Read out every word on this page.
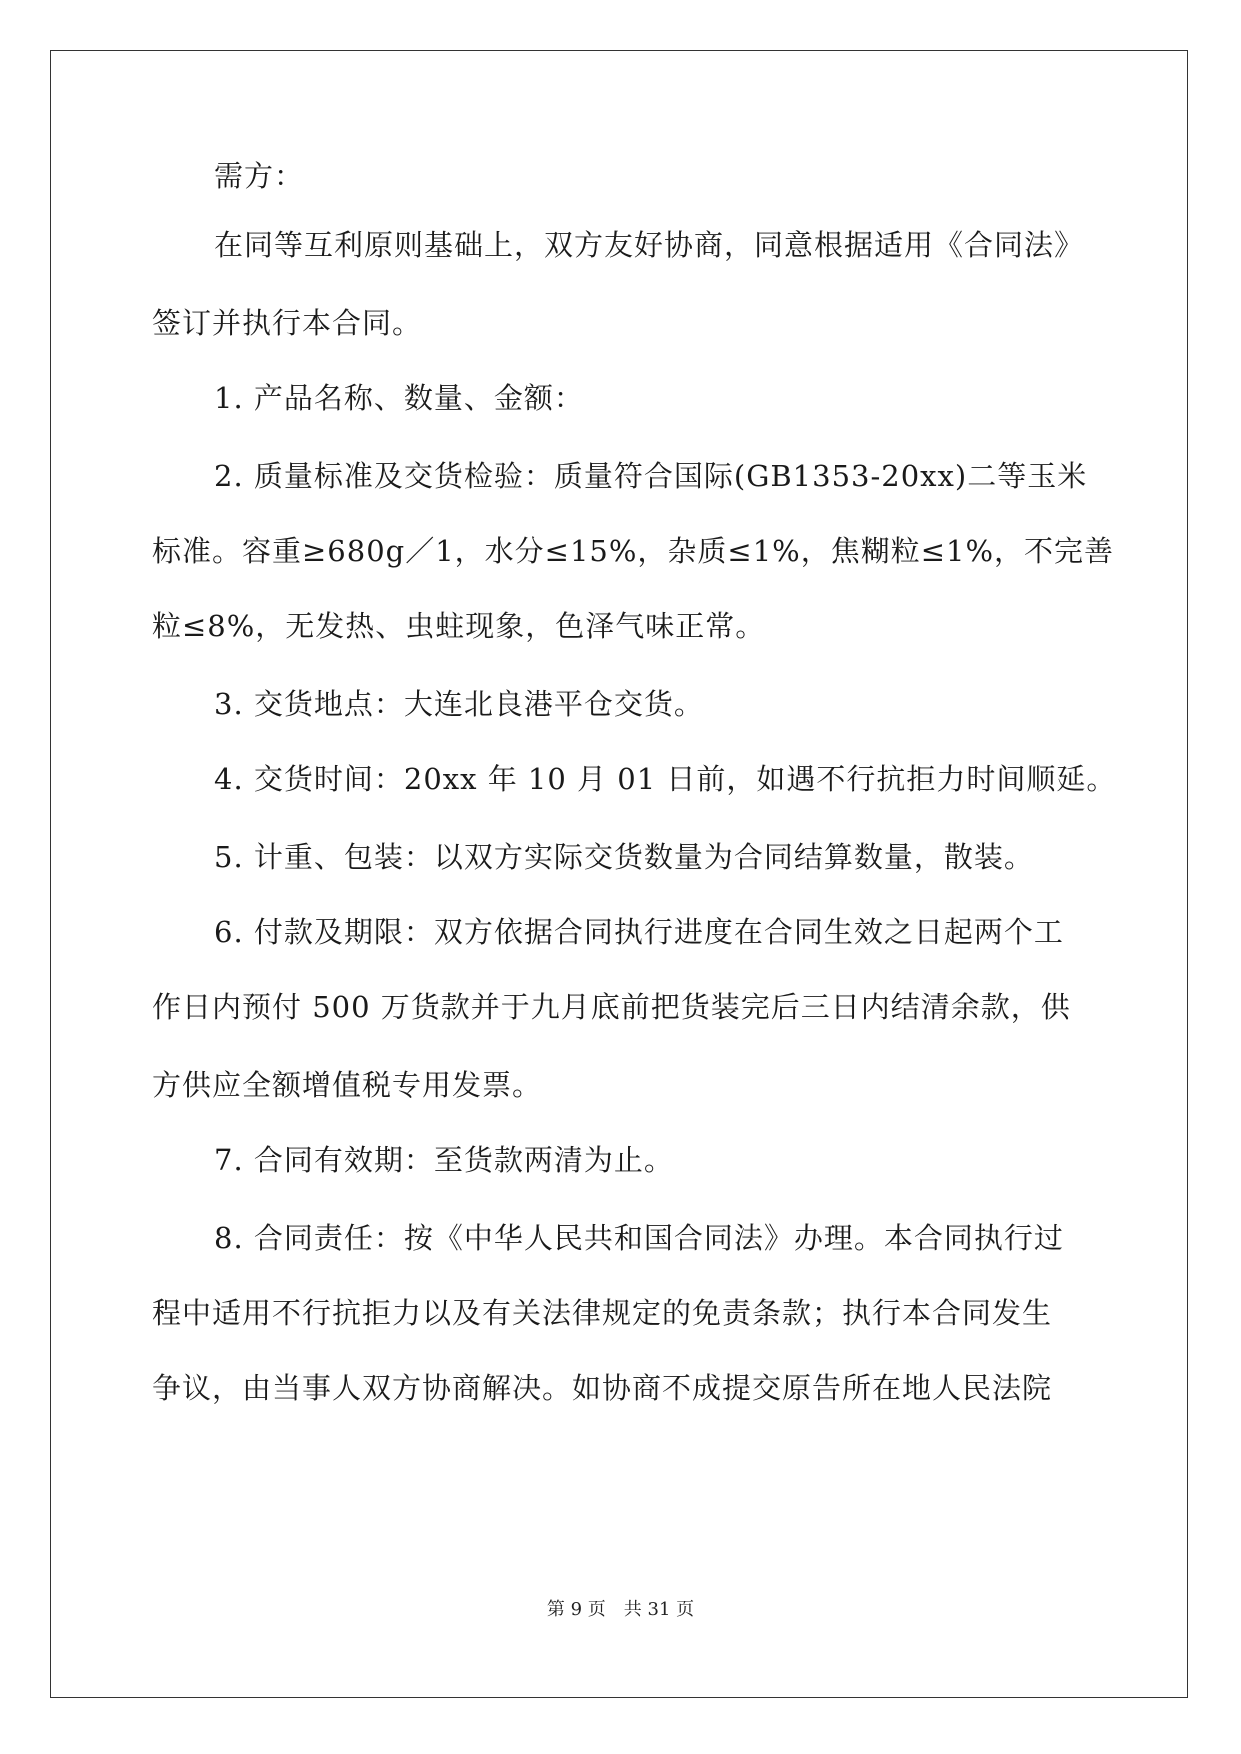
需方：
在同等互利原则基础上，双方友好协商，同意根据适用《合同法》
签订并执行本合同。
1. 产品名称、数量、金额：
2. 质量标准及交货检验：质量符合国际(GB1353-20xx)二等玉米
标准。容重≥680g／1，水分≤15%，杂质≤1%，焦糊粒≤1%，不完善
粒≤8%，无发热、虫蛀现象，色泽气味正常。
3. 交货地点：大连北良港平仓交货。
4. 交货时间：20xx 年 10 月 01 日前，如遇不行抗拒力时间顺延。
5. 计重、包装：以双方实际交货数量为合同结算数量，散装。
6. 付款及期限：双方依据合同执行进度在合同生效之日起两个工
作日内预付 500 万货款并于九月底前把货装完后三日内结清余款，供
方供应全额增值税专用发票。
7. 合同有效期：至货款两清为止。
8. 合同责任：按《中华人民共和国合同法》办理。本合同执行过
程中适用不行抗拒力以及有关法律规定的免责条款；执行本合同发生
争议，由当事人双方协商解决。如协商不成提交原告所在地人民法院
第 9 页 共 31 页
